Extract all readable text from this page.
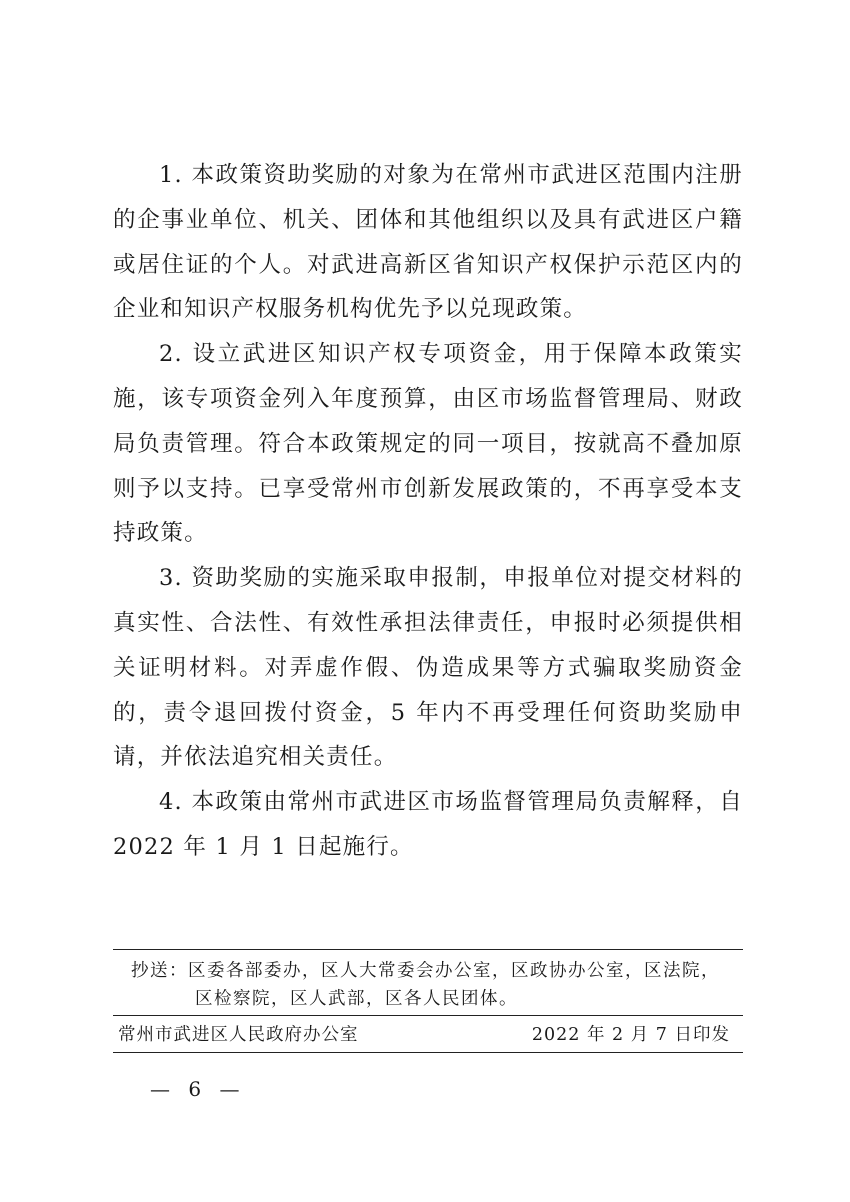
1. 本政策资助奖励的对象为在常州市武进区范围内注册的企事业单位、机关、团体和其他组织以及具有武进区户籍或居住证的个人。对武进高新区省知识产权保护示范区内的企业和知识产权服务机构优先予以兑现政策。

2. 设立武进区知识产权专项资金，用于保障本政策实施，该专项资金列入年度预算，由区市场监督管理局、财政局负责管理。符合本政策规定的同一项目，按就高不叠加原则予以支持。已享受常州市创新发展政策的，不再享受本支持政策。

3. 资助奖励的实施采取申报制，申报单位对提交材料的真实性、合法性、有效性承担法律责任，申报时必须提供相关证明材料。对弄虚作假、伪造成果等方式骗取奖励资金的，责令退回拨付资金，5 年内不再受理任何资助奖励申请，并依法追究相关责任。

4. 本政策由常州市武进区市场监督管理局负责解释，自2022 年 1 月 1 日起施行。

抄送：区委各部委办，区人大常委会办公室，区政协办公室，区法院，
区检察院，区人武部，区各人民团体。
常州市武进区人民政府办公室	2022 年 2 月 7 日印发
— 6 —
